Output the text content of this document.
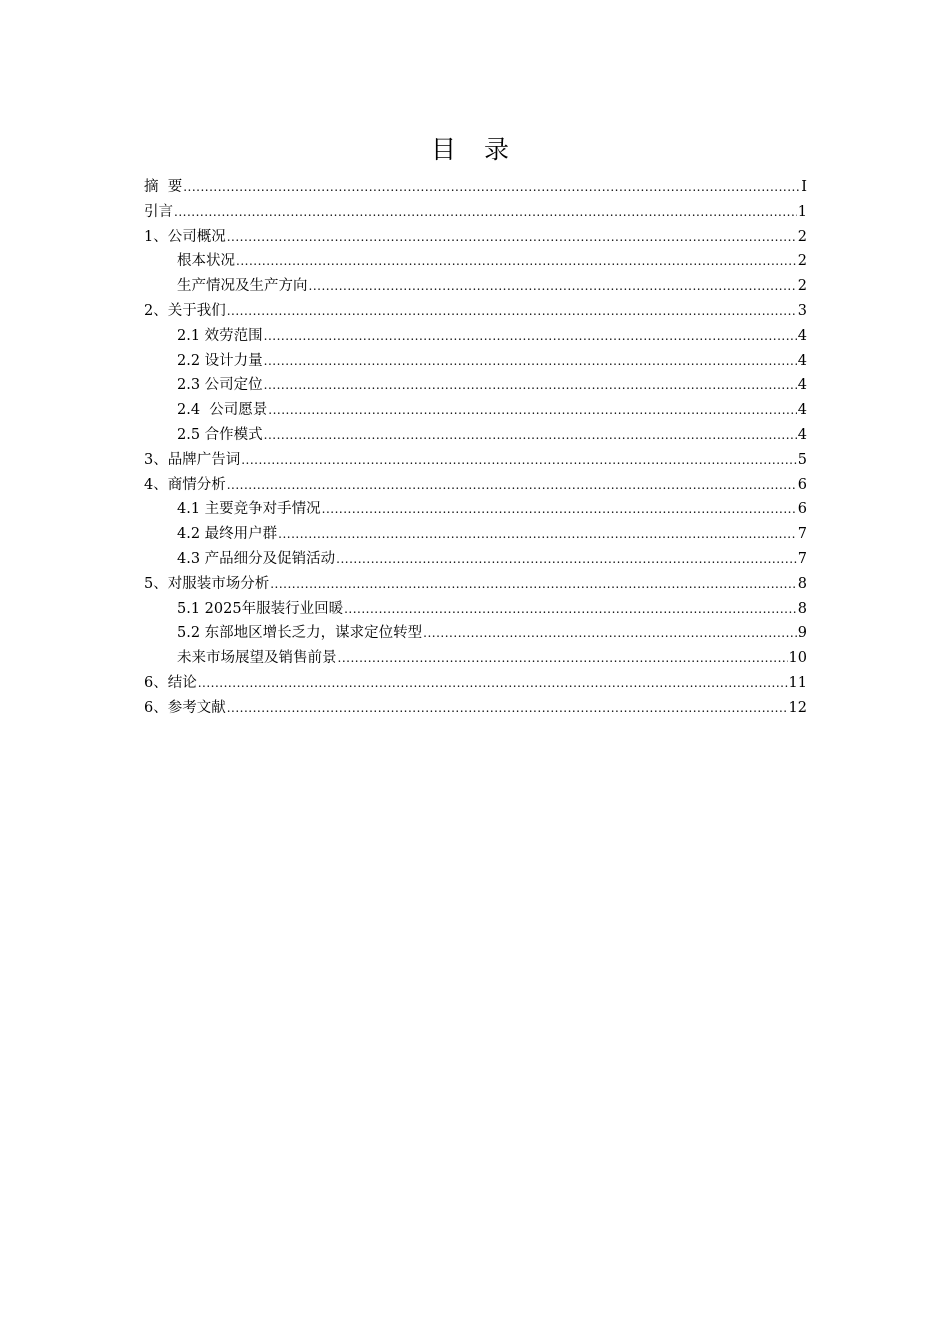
目 录
摘  要 .....	I
引言 .....	1
1、公司概况 .....	2
根本状况 .....	2
生产情况及生产方向 .....	2
2、关于我们 .....	3
2.1 效劳范围 .....	4
2.2 设计力量 .....	4
2.3 公司定位 .....	4
2.4  公司愿景 .....	4
2.5 合作模式 .....	4
3、品牌广告词 .....	5
4、商情分析 .....	6
4.1 主要竞争对手情况 .....	6
4.2 最终用户群 .....	7
4.3 产品细分及促销活动 .....	7
5、对服装市场分析 .....	8
5.1 2025年服装行业回暖 .....	8
5.2 东部地区增长乏力，谋求定位转型 .....	9
未来市场展望及销售前景 .....	10
6、结论 .....	11
6、参考文献 .....	12
